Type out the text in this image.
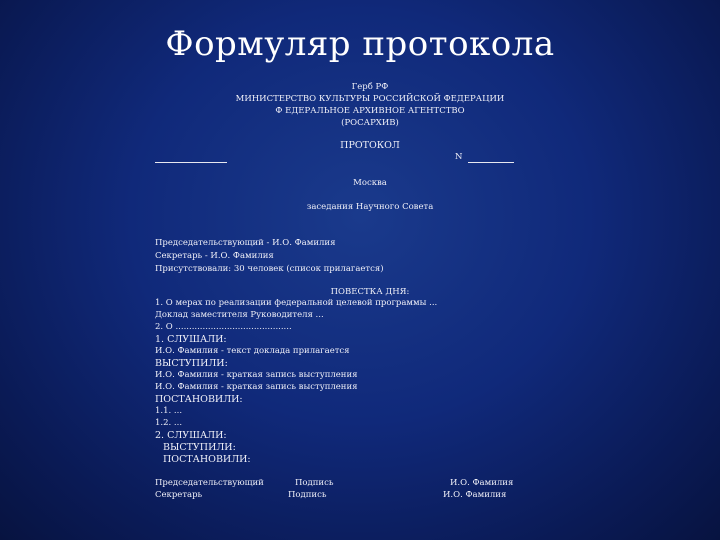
Формуляр протокола
Герб РФ
МИНИСТЕРСТВО КУЛЬТУРЫ РОССИЙСКОЙ ФЕДЕРАЦИИ
Ф ЕДЕРАЛЬНОЕ АРХИВНОЕ АГЕНТСТВО
(РОСАРХИВ)
ПРОТОКОЛ
N
Москва
заседания Научного Совета
Председательствующий - И.О. Фамилия
Секретарь - И.О. Фамилия
Присутствовали: 30 человек (список прилагается)
ПОВЕСТКА ДНЯ:
1. О мерах по реализации федеральной целевой программы ...
Доклад заместителя Руководителя ...
2. О ...........................................
1. СЛУШАЛИ:
И.О. Фамилия - текст доклада прилагается
ВЫСТУПИЛИ:
И.О. Фамилия - краткая запись выступления
И.О. Фамилия - краткая запись выступления
ПОСТАНОВИЛИ:
1.1. ...
1.2. ...
2. СЛУШАЛИ:
ВЫСТУПИЛИ:
ПОСТАНОВИЛИ:
Председательствующий	Подпись	И.О. Фамилия
Секретарь	Подпись	И.О. Фамилия
